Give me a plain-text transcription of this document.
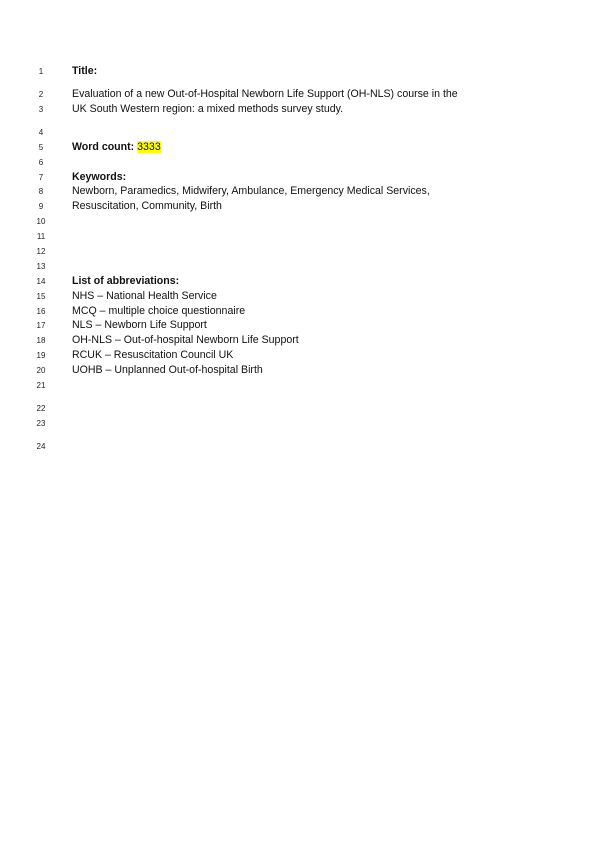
1	Title:
2	Evaluation of a new Out-of-Hospital Newborn Life Support (OH-NLS) course in the
3	UK South Western region: a mixed methods survey study.
4
5	Word count: 3333
6
7	Keywords:
8	Newborn, Paramedics, Midwifery, Ambulance, Emergency Medical Services,
9	Resuscitation, Community, Birth
10
11
12
13
14	List of abbreviations:
15	NHS – National Health Service
16	MCQ – multiple choice questionnaire
17	NLS – Newborn Life Support
18	OH-NLS – Out-of-hospital Newborn Life Support
19	RCUK – Resuscitation Council UK
20	UOHB – Unplanned Out-of-hospital Birth
21
22
23
24
